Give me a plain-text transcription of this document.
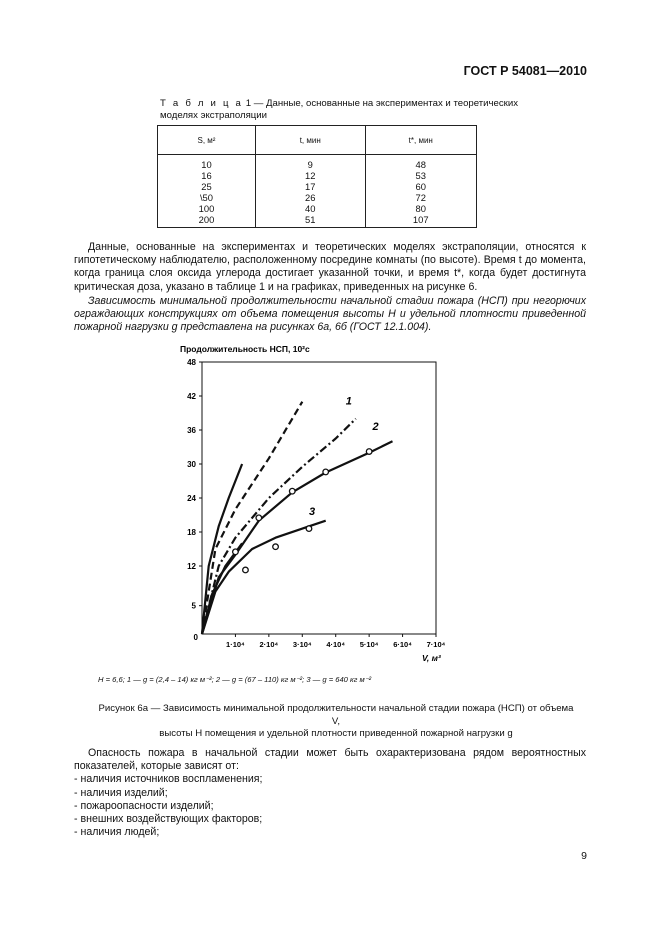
ГОСТ Р 54081—2010
Т а б л и ц а 1 — Данные, основанные на экспериментах и теоретических моделях экстраполяции
S, м²	t, мин	t*, мин
10	9	48
16	12	53
25	17	60
\50	26	72
100	40	80
200	51	107

Данные, основанные на экспериментах и теоретических моделях экстраполяции, относятся к гипотетическому наблюдателю, расположенному посредине комнаты (по высоте). Время t до момента, когда граница слоя оксида углерода достигает указанной точки, и время t*, когда будет достигнута критическая доза, указано в таблице 1 и на графиках, приведенных на рисунке 6.

Зависимость минимальной продолжительности начальной стадии пожара (НСП) при негорючих ограждающих конструкциях от объема помещения высоты H и удельной плотности приведенной пожарной нагрузки g представлена на рисунках 6а, 6б (ГОСТ 12.1.004).

Продолжительность НСП, 10²с
V, м³
5
12
18
24
30
36
42
48
1·10⁴ 2·10⁴ 3·10⁴ 4·10⁴ 5·10⁴ 6·10⁴ 7·10⁴
0
1
2
3
H = 6,6; 1 — g = (2,4 – 14) кг м⁻²; 2 — g = (67 – 110) кг м⁻²; 3 — g = 640 кг м⁻²
Рисунок 6а — Зависимость минимальной продолжительности начальной стадии пожара (НСП) от объема V,
высоты H помещения и удельной плотности приведенной пожарной нагрузки g

Опасность пожара в начальной стадии может быть охарактеризована рядом вероятностных показателей, которые зависят от:

- наличия источников воспламенения;
- наличия изделий;
- пожароопасности изделий;
- внешних воздействующих факторов;
- наличия людей;
9
